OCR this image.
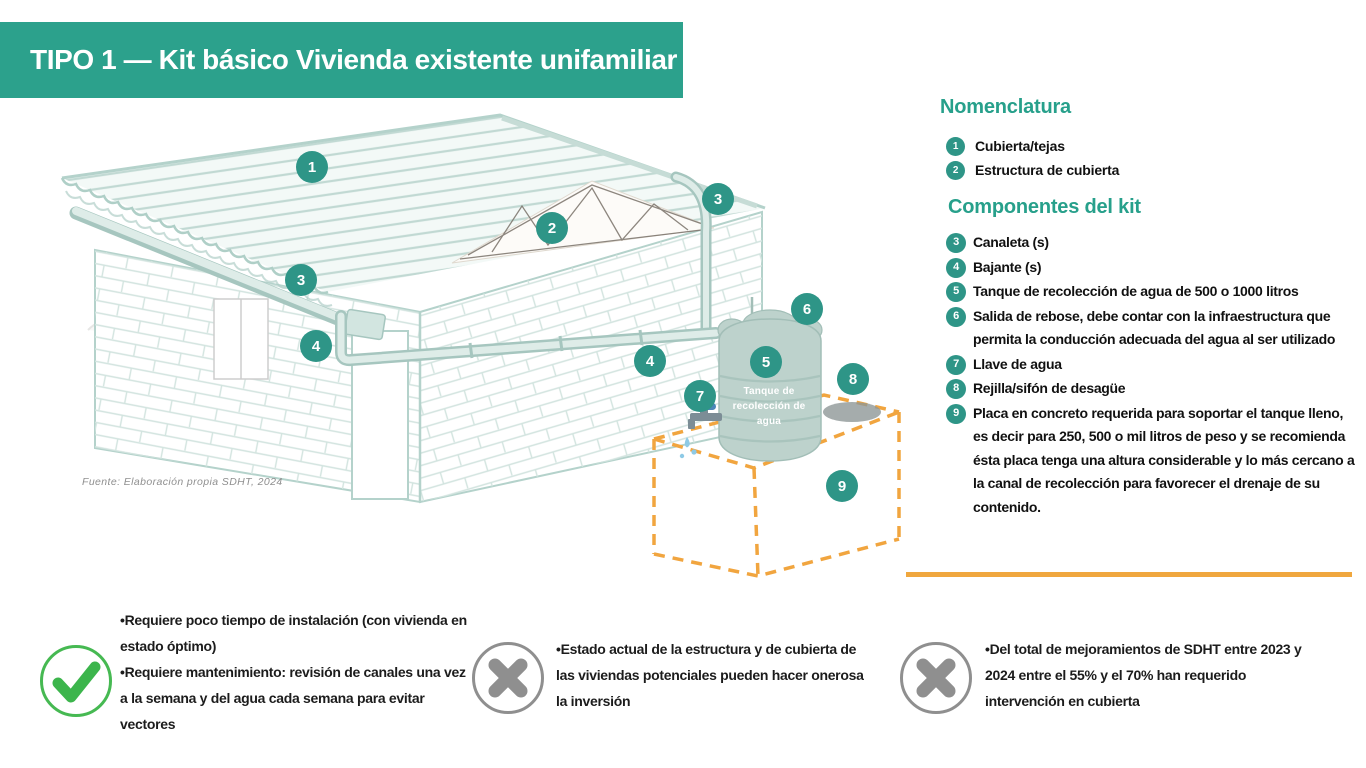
TIPO 1 — Kit básico Vivienda existente unifamiliar
Tanque de recolección de agua
1
2
3
3
4
4	5
6
7
8
9
Fuente: Elaboración propia SDHT, 2024
Nomenclatura
1	Cubierta/tejas
2	Estructura de cubierta
Componentes del kit
3	Canaleta (s)
4	Bajante (s)
5	Tanque de recolección de agua de 500 o 1000 litros
6	Salida de rebose, debe contar con la infraestructura que permita la conducción adecuada del agua al ser utilizado
7	Llave de agua
8	Rejilla/sifón de desagüe
9	Placa en concreto requerida para soportar el tanque lleno, es decir para 250, 500 o mil litros de peso y se recomienda ésta placa tenga una altura considerable y lo más cercano a la canal de recolección para favorecer el drenaje de su contenido.
•Requiere poco tiempo de instalación (con vivienda en estado óptimo)
•Requiere mantenimiento: revisión de canales una vez a la semana y del agua cada semana para evitar vectores
•Estado actual de la estructura y de cubierta de las viviendas potenciales pueden hacer onerosa la inversión
•Del total de mejoramientos de SDHT entre 2023 y 2024 entre el 55% y el 70% han requerido intervención en cubierta
